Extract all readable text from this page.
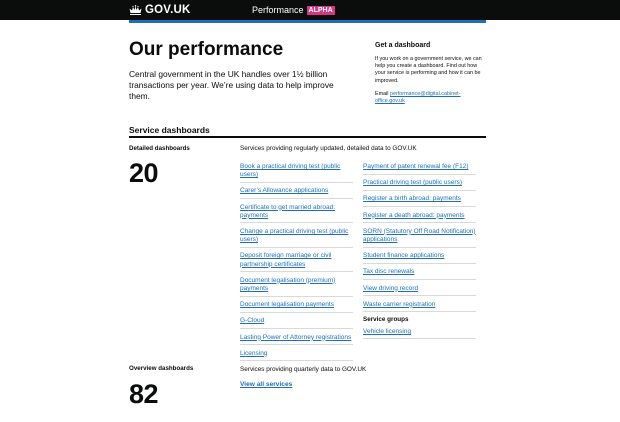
GOV.UK	Performance ALPHA
Our performance

Central government in the UK handles over 1½ billion transactions per year. We’re using data to help improve them.

Get a dashboard
If you work on a government service, we can help you create a dashboard. Find out how your service is performing and how it can be improved.
Email performance@digital.cabinet-office.gov.uk
Service dashboards
Detailed dashboards
20
Services providing regularly updated, detailed data to GOV.UK
Book a practical driving test (public users)
Carer’s Allowance applications
Certificate to get married abroad: payments
Change a practical driving test (public users)
Deposit foreign marriage or civil partnership certificates
Document legalisation (premium) payments
Document legalisation payments
G-Cloud
Lasting Power of Attorney registrations
Licensing
Payment of patent renewal fee (F12)
Practical driving test (public users)
Register a birth abroad: payments
Register a death abroad: payments
SORN (Statutory Off Road Notification) applications
Student finance applications
Tax disc renewals
View driving record
Waste carrier registration
Service groups
Vehicle licensing
Overview dashboards
82
Services providing quarterly data to GOV.UK
View all services
